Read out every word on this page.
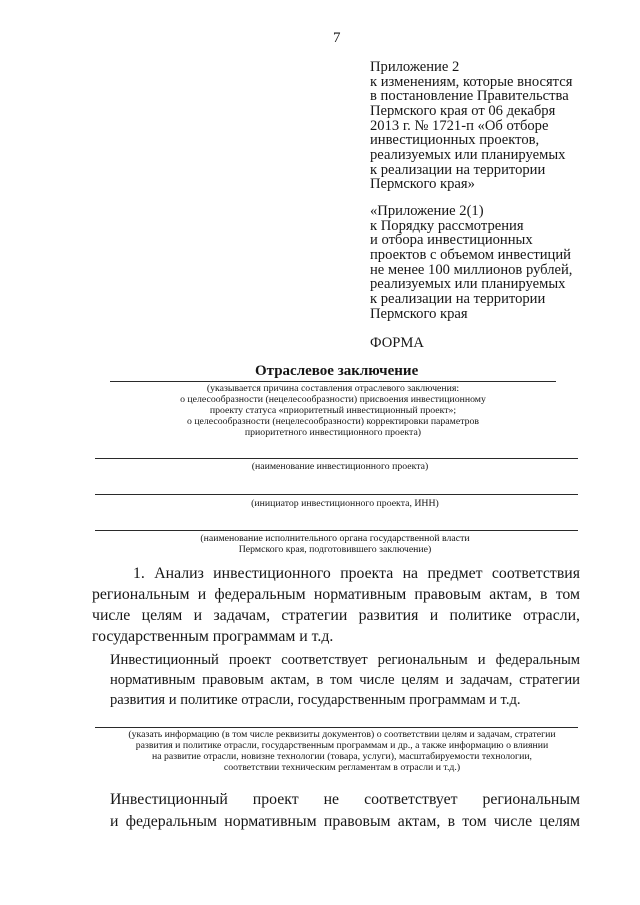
7
Приложение 2
к изменениям, которые вносятся
в постановление Правительства
Пермского края от 06 декабря
2013 г. № 1721-п «Об отборе
инвестиционных проектов,
реализуемых или планируемых
к реализации на территории
Пермского края»
«Приложение 2(1)
к Порядку рассмотрения
и отбора инвестиционных
проектов с объемом инвестиций
не менее 100 миллионов рублей,
реализуемых или планируемых
к реализации на территории
Пермского края
ФОРМА
Отраслевое заключение
(указывается причина составления отраслевого заключения:
о целесообразности (нецелесообразности) присвоения инвестиционному
проекту статуса «приоритетный инвестиционный проект»;
о целесообразности (нецелесообразности) корректировки параметров
приоритетного инвестиционного проекта)
(наименование инвестиционного проекта)
(инициатор инвестиционного проекта, ИНН)
(наименование исполнительного органа государственной власти
Пермского края, подготовившего заключение)
1. Анализ инвестиционного проекта на предмет соответствия
региональным и федеральным нормативным правовым актам, в том
числе целям и задачам, стратегии развития и политике отрасли,
государственным программам и т.д.
Инвестиционный проект соответствует региональным и федеральным
нормативным правовым актам, в том числе целям и задачам, стратегии
развития и политике отрасли, государственным программам и т.д.
(указать информацию (в том числе реквизиты документов) о соответствии целям и задачам, стратегии
развития и политике отрасли, государственным программам и др., а также информацию о влиянии
на развитие отрасли, новизне технологии (товара, услуги), масштабируемости технологии,
соответствии техническим регламентам в отрасли и т.д.)
Инвестиционный проект не соответствует региональным
и федеральным нормативным правовым актам, в том числе целям
